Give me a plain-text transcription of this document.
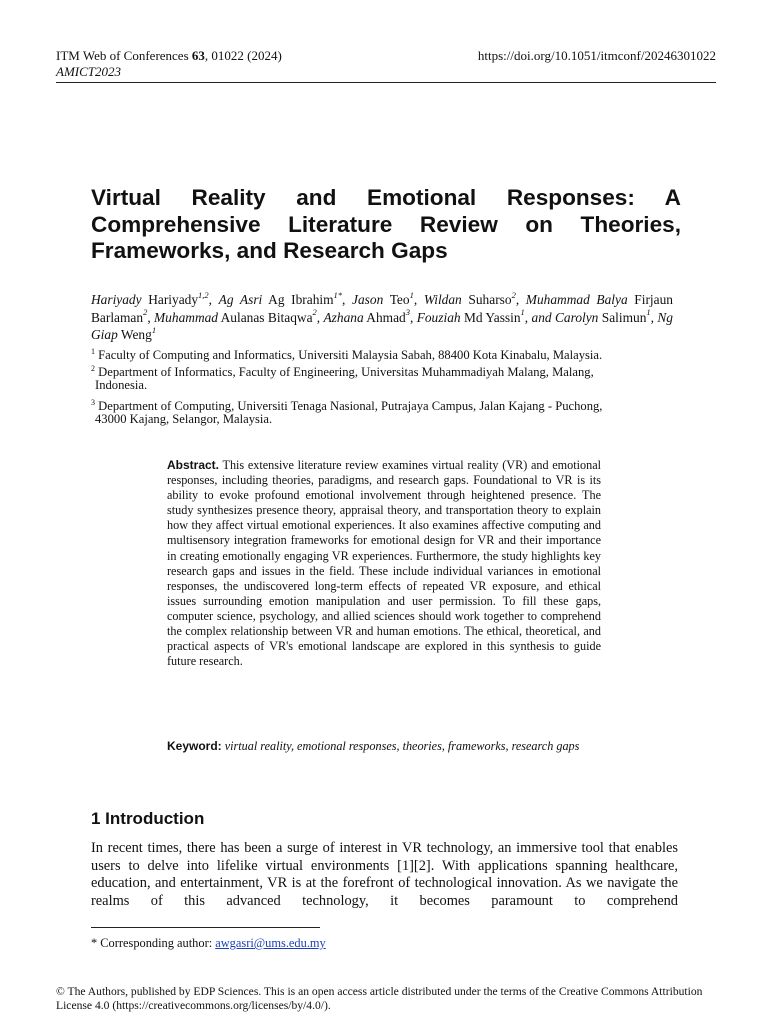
ITM Web of Conferences 63, 01022 (2024)
AMICT2023
https://doi.org/10.1051/itmconf/20246301022
Virtual Reality and Emotional Responses: A Comprehensive Literature Review on Theories, Frameworks, and Research Gaps
Hariyady Hariyady$^{1,2}$, Ag Asri Ag Ibrahim$^{1*}$, Jason Teo$^1$, Wildan Suharso$^2$, Muhammad Balya Firjaun Barlaman$^2$, Muhammad Aulanas Bitaqwa$^2$, Azhana Ahmad$^3$, Fouziah Md Yassin$^1$, and Carolyn Salimun$^1$, Ng Giap Weng$^1$
$^1$ Faculty of Computing and Informatics, Universiti Malaysia Sabah, 88400 Kota Kinabalu, Malaysia.
$^2$ Department of Informatics, Faculty of Engineering, Universitas Muhammadiyah Malang, Malang,
Indonesia.
$^3$ Department of Computing, Universiti Tenaga Nasional, Putrajaya Campus, Jalan Kajang - Puchong,
43000 Kajang, Selangor, Malaysia.
Abstract. This extensive literature review examines virtual reality (VR) and emotional responses, including theories, paradigms, and research gaps. Foundational to VR is its ability to evoke profound emotional involvement through heightened presence. The study synthesizes presence theory, appraisal theory, and transportation theory to explain how they affect virtual emotional experiences. It also examines affective computing and multisensory integration frameworks for emotional design for VR and their importance in creating emotionally engaging VR experiences. Furthermore, the study highlights key research gaps and issues in the field. These include individual variances in emotional responses, the undiscovered long-term effects of repeated VR exposure, and ethical issues surrounding emotion manipulation and user permission. To fill these gaps, computer science, psychology, and allied sciences should work together to comprehend the complex relationship between VR and human emotions. The ethical, theoretical, and practical aspects of VR's emotional landscape are explored in this synthesis to guide future research.
Keyword: virtual reality, emotional responses, theories, frameworks, research gaps
1 Introduction
In recent times, there has been a surge of interest in VR technology, an immersive tool that enables users to delve into lifelike virtual environments [1][2]. With applications spanning healthcare, education, and entertainment, VR is at the forefront of technological innovation. As we navigate the realms of this advanced technology, it becomes paramount to comprehend
* Corresponding author: awgasri@ums.edu.my
© The Authors, published by EDP Sciences. This is an open access article distributed under the terms of the Creative Commons Attribution License 4.0 (https://creativecommons.org/licenses/by/4.0/).
